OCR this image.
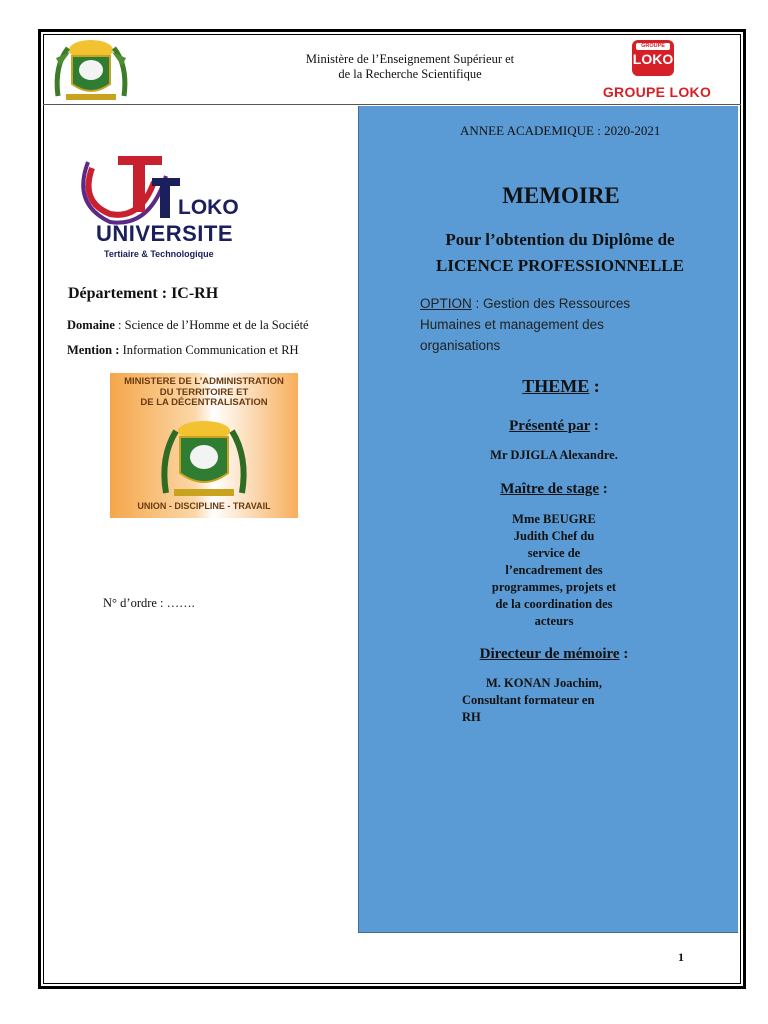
Ministère de l’Enseignement Supérieur et
de la Recherche Scientifique
GROUPE
LOKO
GROUPE LOKO
LOKO
UNIVERSITE
Tertiaire & Technologique
Département : IC-RH
Domaine : Science de l’Homme et de la Société
Mention : Information Communication et RH
MINISTERE DE L’ADMINISTRATION
DU TERRITOIRE ET
DE LA DÉCENTRALISATION
UNION - DISCIPLINE - TRAVAIL
N° d’ordre : …….
ANNEE ACADEMIQUE : 2020-2021
MEMOIRE
Pour l’obtention du Diplôme de
LICENCE PROFESSIONNELLE
OPTION : Gestion des Ressources Humaines et management des organisations
THEME :
Présenté par :
Mr DJIGLA Alexandre.
Maître de stage :
Mme BEUGRE
Judith Chef du
service de
l’encadrement des
programmes, projets et
de la coordination des
acteurs
Directeur de mémoire :
M. KONAN Joachim,
Consultant formateur en
RH
1
